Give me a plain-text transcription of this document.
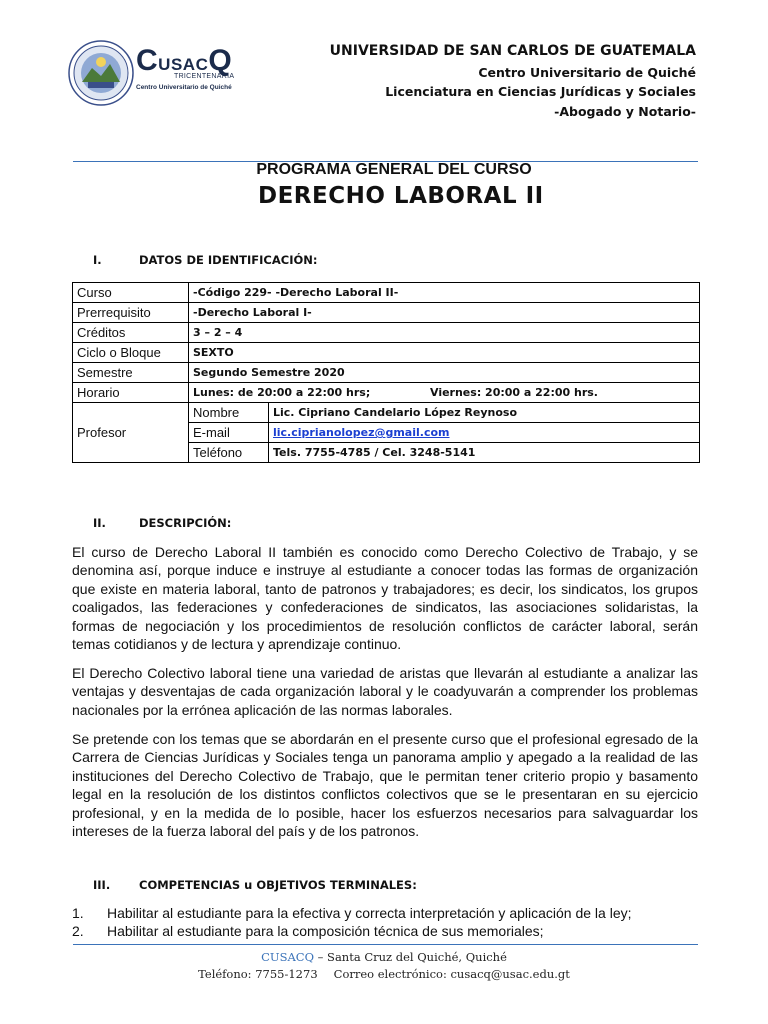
CUSACQ
TRICENTENARIA
Centro Universitario de Quiché
UNIVERSIDAD DE SAN CARLOS DE GUATEMALA
Centro Universitario de Quiché
Licenciatura en Ciencias Jurídicas y Sociales
-Abogado y Notario-
PROGRAMA GENERAL DEL CURSO
DERECHO LABORAL II
I.	DATOS DE IDENTIFICACIÓN:
Curso	-Código 229- -Derecho Laboral II-	
Prerrequisito	-Derecho Laboral I-	
Créditos	3 – 2 – 4	
Ciclo o Bloque	SEXTO	
Semestre	Segundo Semestre 2020	
Horario	Lunes: de 20:00 a 22:00 hrs; Viernes: 20:00 a 22:00 hrs.	
Profesor	Nombre	Lic. Cipriano Candelario López Reynoso
	E-mail	lic.ciprianolopez@gmail.com
	Teléfono	Tels. 7755-4785 / Cel. 3248-5141
II.	DESCRIPCIÓN:

El curso de Derecho Laboral II también es conocido como Derecho Colectivo de Trabajo, y se denomina así, porque induce e instruye al estudiante a conocer todas las formas de organización que existe en materia laboral, tanto de patronos y trabajadores; es decir, los sindicatos, los grupos coaligados, las federaciones y confederaciones de sindicatos, las asociaciones solidaristas, la formas de negociación y los procedimientos de resolución conflictos de carácter laboral, serán temas cotidianos y de lectura y aprendizaje continuo.

El Derecho Colectivo laboral tiene una variedad de aristas que llevarán al estudiante a analizar las ventajas y desventajas de cada organización laboral y le coadyuvarán a comprender los problemas nacionales por la errónea aplicación de las normas laborales.

Se pretende con los temas que se abordarán en el presente curso que el profesional egresado de la Carrera de Ciencias Jurídicas y Sociales tenga un panorama amplio y apegado a la realidad de las instituciones del Derecho Colectivo de Trabajo, que le permitan tener criterio propio y basamento legal en la resolución de los distintos conflictos colectivos que se le presentaran en su ejercicio profesional, y en la medida de lo posible, hacer los esfuerzos necesarios para salvaguardar los intereses de la fuerza laboral del país y de los patronos.

III.	COMPETENCIAS u OBJETIVOS TERMINALES:
1. Habilitar al estudiante para la efectiva y correcta interpretación y aplicación de la ley;
2. Habilitar al estudiante para la composición técnica de sus memoriales;
CUSACQ – Santa Cruz del Quiché, Quiché
Teléfono: 7755-1273 Correo electrónico: cusacq@usac.edu.gt
